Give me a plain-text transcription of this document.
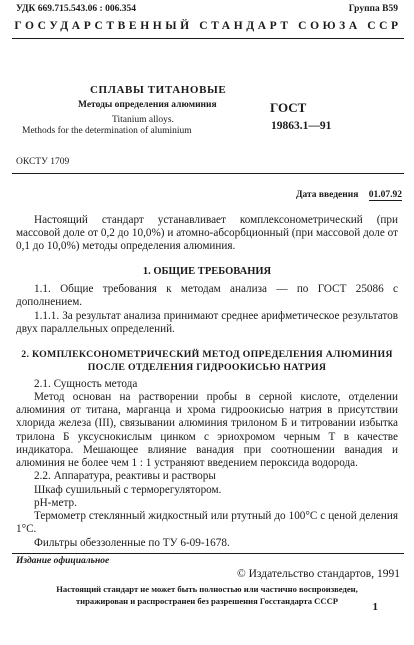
УДК 669.715.543.06 : 006.354	Группа В59
ГОСУДАРСТВЕННЫЙ СТАНДАРТ СОЮЗА ССР
СПЛАВЫ ТИТАНОВЫЕ
Методы определения алюминия
Titanium alloys.
Methods for the determination of aluminium
ГОСТ
19863.1—91
ОКСТУ 1709
Дата введения 01.07.92
Настоящий стандарт устанавливает комплексонометрический (при массовой доле от 0,2 до 10,0%) и атомно-абсорбционный (при массовой доле от 0,1 до 10,0%) методы определения алюминия.
1. ОБЩИЕ ТРЕБОВАНИЯ
1.1. Общие требования к методам анализа — по ГОСТ 25086 с дополнением.
1.1.1. За результат анализа принимают среднее арифметическое результатов двух параллельных определений.
2. КОМПЛЕКСОНОМЕТРИЧЕСКИЙ МЕТОД ОПРЕДЕЛЕНИЯ АЛЮМИНИЯ
ПОСЛЕ ОТДЕЛЕНИЯ ГИДРООКИСЬЮ НАТРИЯ
2.1. Сущность метода
Метод основан на растворении пробы в серной кислоте, отделении алюминия от титана, марганца и хрома гидроокисью натрия в присутствии хлорида железа (III), связывании алюминия трилоном Б и титровании избытка трилона Б уксуснокислым цинком с эриохромом черным Т в качестве индикатора. Мешающее влияние ванадия при соотношении ванадия и алюминия не более чем 1 : 1 устраняют введением пероксида водорода.
2.2. Аппаратура, реактивы и растворы
Шкаф сушильный с терморегулятором.
pH-метр.
Термометр стеклянный жидкостный или ртутный до 100°С с ценой деления 1°С.
Фильтры обеззоленные по ТУ 6-09-1678.
Издание официальное
© Издательство стандартов, 1991
Настоящий стандарт не может быть полностью или частично воспроизведен,
тиражирован и распространен без разрешения Госстандарта СССР	1
